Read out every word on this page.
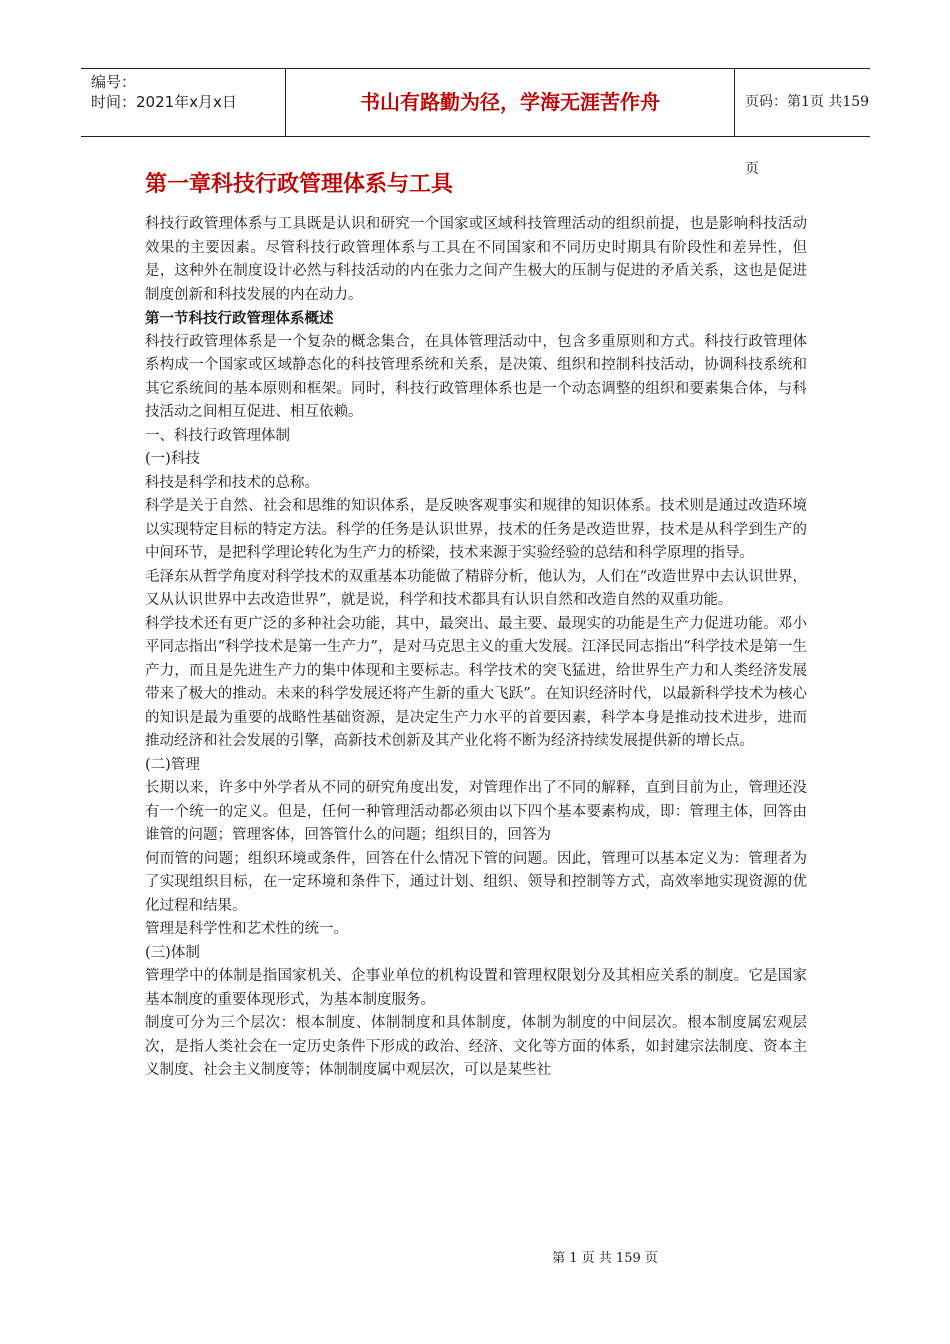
编号：
时间：2021年x月x日	书山有路勤为径，学海无涯苦作舟	页码：第1页 共159页
第一章科技行政管理体系与工具

科技行政管理体系与工具既是认识和研究一个国家或区域科技管理活动的组织前提，也是影响科技活动效果的主要因素。尽管科技行政管理体系与工具在不同国家和不同历史时期具有阶段性和差异性，但是，这种外在制度设计必然与科技活动的内在张力之间产生极大的压制与促进的矛盾关系，这也是促进制度创新和科技发展的内在动力。

第一节科技行政管理体系概述

科技行政管理体系是一个复杂的概念集合，在具体管理活动中，包含多重原则和方式。科技行政管理体系构成一个国家或区域静态化的科技管理系统和关系，是决策、组织和控制科技活动，协调科技系统和其它系统间的基本原则和框架。同时，科技行政管理体系也是一个动态调整的组织和要素集合体，与科技活动之间相互促进、相互依赖。

一、科技行政管理体制

(一)科技

科技是科学和技术的总称。

科学是关于自然、社会和思维的知识体系，是反映客观事实和规律的知识体系。技术则是通过改造环境以实现特定目标的特定方法。科学的任务是认识世界，技术的任务是改造世界，技术是从科学到生产的中间环节，是把科学理论转化为生产力的桥梁，技术来源于实验经验的总结和科学原理的指导。

毛泽东从哲学角度对科学技术的双重基本功能做了精辟分析，他认为，人们在“改造世界中去认识世界，又从认识世界中去改造世界”，就是说，科学和技术都具有认识自然和改造自然的双重功能。

科学技术还有更广泛的多种社会功能，其中，最突出、最主要、最现实的功能是生产力促进功能。邓小平同志指出“科学技术是第一生产力”，是对马克思主义的重大发展。江泽民同志指出“科学技术是第一生产力，而且是先进生产力的集中体现和主要标志。科学技术的突飞猛进，给世界生产力和人类经济发展带来了极大的推动。未来的科学发展还将产生新的重大飞跃”。在知识经济时代，以最新科学技术为核心的知识是最为重要的战略性基础资源，是决定生产力水平的首要因素，科学本身是推动技术进步，进而推动经济和社会发展的引擎，高新技术创新及其产业化将不断为经济持续发展提供新的增长点。

(二)管理

长期以来，许多中外学者从不同的研究角度出发，对管理作出了不同的解释，直到目前为止，管理还没有一个统一的定义。但是，任何一种管理活动都必须由以下四个基本要素构成，即：管理主体，回答由谁管的问题；管理客体，回答管什么的问题；组织目的，回答为

何而管的问题；组织环境或条件，回答在什么情况下管的问题。因此，管理可以基本定义为：管理者为了实现组织目标，在一定环境和条件下，通过计划、组织、领导和控制等方式，高效率地实现资源的优化过程和结果。

管理是科学性和艺术性的统一。

(三)体制

管理学中的体制是指国家机关、企事业单位的机构设置和管理权限划分及其相应关系的制度。它是国家基本制度的重要体现形式，为基本制度服务。

制度可分为三个层次：根本制度、体制制度和具体制度，体制为制度的中间层次。根本制度属宏观层次，是指人类社会在一定历史条件下形成的政治、经济、文化等方面的体系，如封建宗法制度、资本主义制度、社会主义制度等；体制制度属中观层次，可以是某些社

第 1 页 共 159 页
